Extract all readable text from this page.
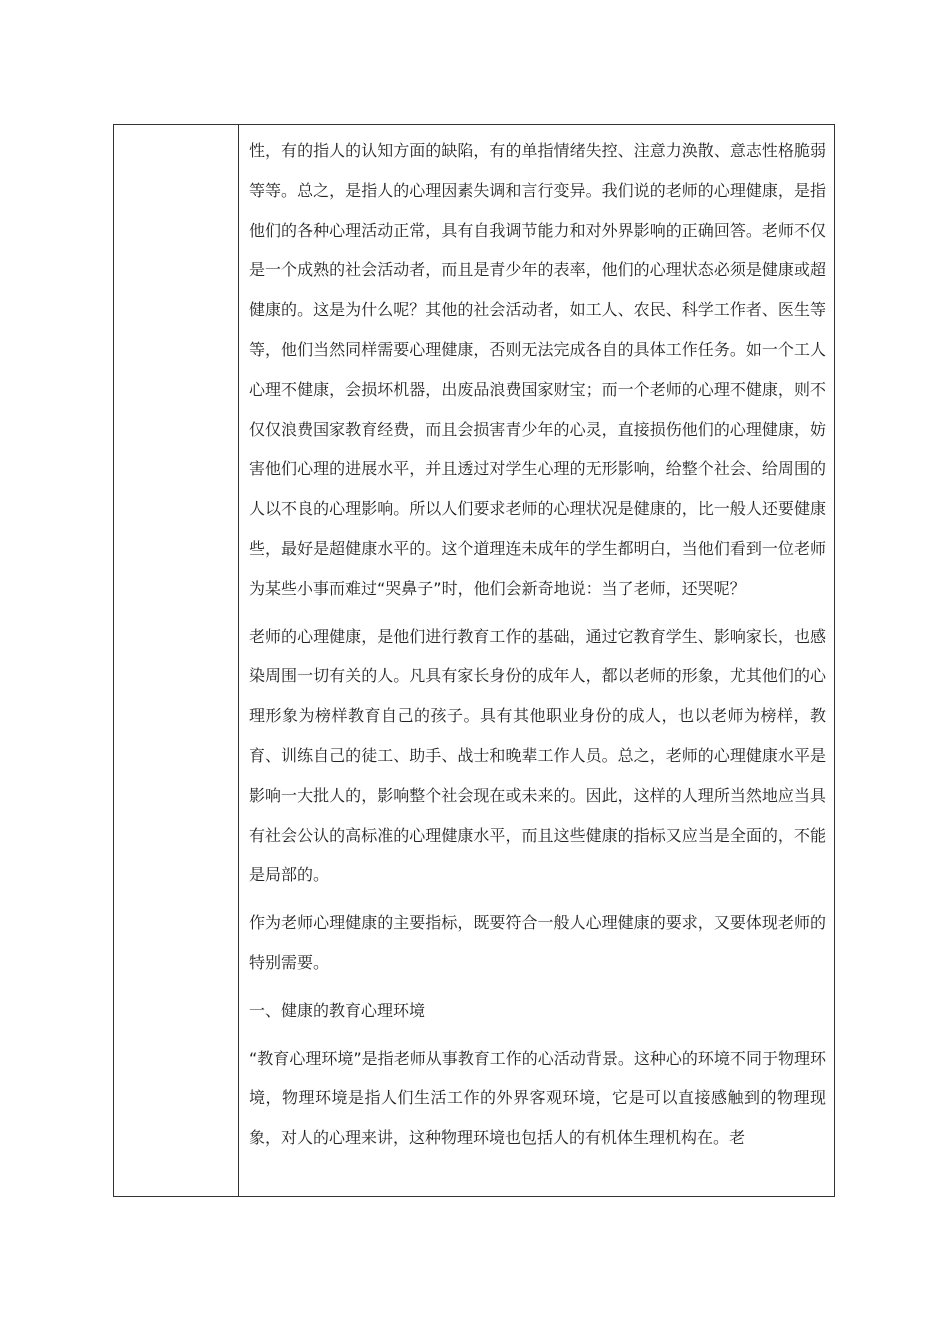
性，有的指人的认知方面的缺陷，有的单指情绪失控、注意力涣散、意志性格脆弱等等。总之，是指人的心理因素失调和言行变异。我们说的老师的心理健康，是指他们的各种心理活动正常，具有自我调节能力和对外界影响的正确回答。老师不仅是一个成熟的社会活动者，而且是青少年的表率，他们的心理状态必须是健康或超健康的。这是为什么呢？其他的社会活动者，如工人、农民、科学工作者、医生等等，他们当然同样需要心理健康，否则无法完成各自的具体工作任务。如一个工人心理不健康，会损坏机器，出废品浪费国家财宝；而一个老师的心理不健康，则不仅仅浪费国家教育经费，而且会损害青少年的心灵，直接损伤他们的心理健康，妨害他们心理的进展水平，并且透过对学生心理的无形影响，给整个社会、给周围的人以不良的心理影响。所以人们要求老师的心理状况是健康的，比一般人还要健康些，最好是超健康水平的。这个道理连未成年的学生都明白，当他们看到一位老师为某些小事而难过“哭鼻子”时，他们会新奇地说：当了老师，还哭呢？

老师的心理健康，是他们进行教育工作的基础，通过它教育学生、影响家长，也感染周围一切有关的人。凡具有家长身份的成年人，都以老师的形象，尤其他们的心理形象为榜样教育自己的孩子。具有其他职业身份的成人，也以老师为榜样，教育、训练自己的徒工、助手、战士和晚辈工作人员。总之，老师的心理健康水平是影响一大批人的，影响整个社会现在或未来的。因此，这样的人理所当然地应当具有社会公认的高标准的心理健康水平，而且这些健康的指标又应当是全面的，不能是局部的。

作为老师心理健康的主要指标，既要符合一般人心理健康的要求，又要体现老师的特别需要。

一、健康的教育心理环境

“教育心理环境”是指老师从事教育工作的心活动背景。这种心的环境不同于物理环境，物理环境是指人们生活工作的外界客观环境，它是可以直接感触到的物理现象，对人的心理来讲，这种物理环境也包括人的有机体生理机构在。老
